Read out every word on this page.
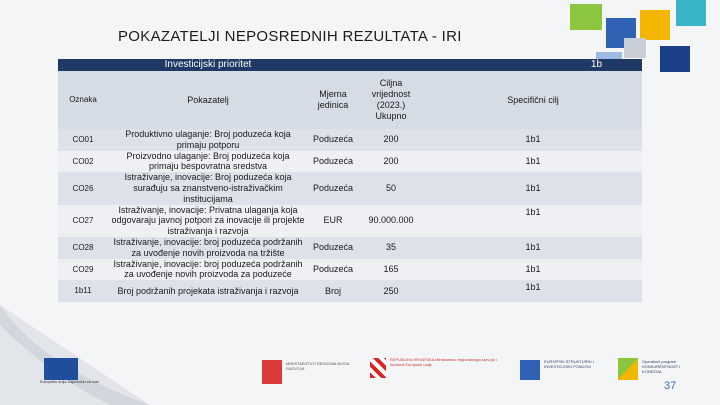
POKAZATELJI NEPOSREDNIH REZULTATA - IRI
	Investicijski prioritet	1b		
Oznaka	Pokazatelj	Mjerna jedinica	Ciljna vrijednost (2023.) Ukupno	Specifični cilj
CO01	Produktivno ulaganje: Broj poduzeća koja primaju potporu	Poduzeća	200	1b1
CO02	Proizvodno ulaganje: Broj poduzeća koja primaju bespovratna sredstva	Poduzeća	200	1b1
CO26	Istraživanje, inovacije: Broj poduzeća koja surađuju sa znanstveno-istraživačkim institucijama	Poduzeća	50	1b1
CO27	Istraživanje, inovacije: Privatna ulaganja koja odgovaraju javnoj potpori za inovacije ili projekte istraživanja i razvoja	EUR	90.000.000	1b1
CO28	Istraživanje, inovacije: broj poduzeća podržanih za uvođenje novih proizvoda na tržište	Poduzeća	35	1b1
CO29	Istraživanje, inovacije: broj poduzeća podržanih za uvođenje novih proizvoda za poduzeće	Poduzeća	165	1b1
1b11	Broj podržanih projekata istraživanja i razvoja	Broj	250	1b1
Europska unija Zajednički za rast
MINISTARSTVO REGIONALNOGA RAZVOJA
REPUBLIKA HRVATSKA Ministarstvo regionalnoga razvoja i fondova Europske unije
EUROPSKI STRUKTURNI I INVESTICIJSKI FONDOVI
Operativni program KONKURENTNOST I KOHEZIJA
37
